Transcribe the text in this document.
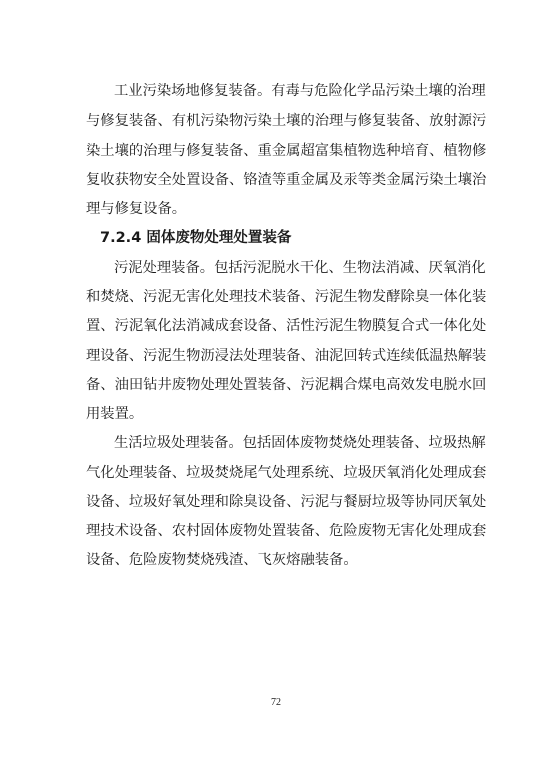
工业污染场地修复装备。有毒与危险化学品污染土壤的治理
与修复装备、有机污染物污染土壤的治理与修复装备、放射源污
染土壤的治理与修复装备、重金属超富集植物选种培育、植物修
复收获物安全处置设备、铬渣等重金属及汞等类金属污染土壤治
理与修复设备。
7.2.4 固体废物处理处置装备
污泥处理装备。包括污泥脱水干化、生物法消减、厌氧消化
和焚烧、污泥无害化处理技术装备、污泥生物发酵除臭一体化装
置、污泥氧化法消减成套设备、活性污泥生物膜复合式一体化处
理设备、污泥生物沥浸法处理装备、油泥回转式连续低温热解装
备、油田钻井废物处理处置装备、污泥耦合煤电高效发电脱水回
用装置。
生活垃圾处理装备。包括固体废物焚烧处理装备、垃圾热解
气化处理装备、垃圾焚烧尾气处理系统、垃圾厌氧消化处理成套
设备、垃圾好氧处理和除臭设备、污泥与餐厨垃圾等协同厌氧处
理技术设备、农村固体废物处置装备、危险废物无害化处理成套
设备、危险废物焚烧残渣、飞灰熔融装备。
72
